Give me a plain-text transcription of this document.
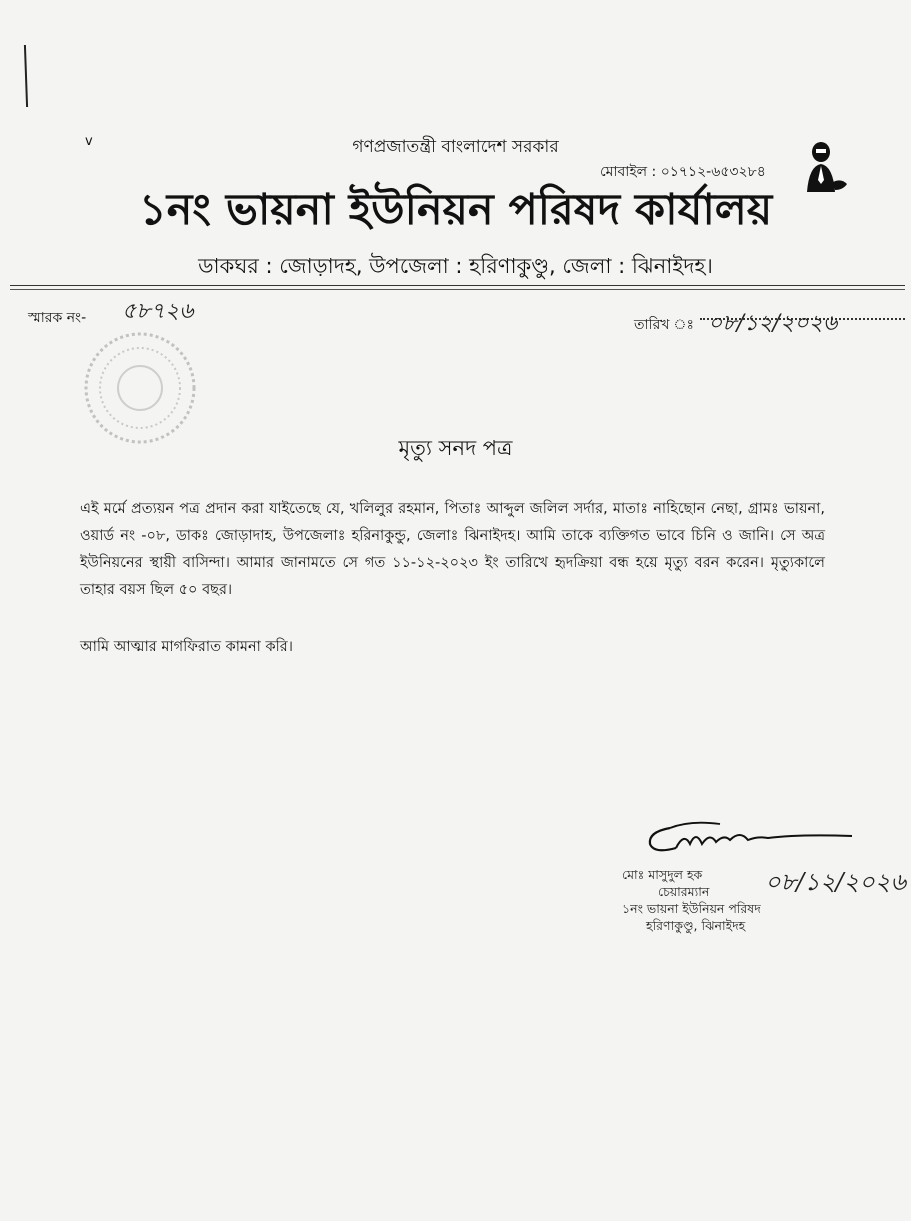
v	গণপ্রজাতন্ত্রী বাংলাদেশ সরকার
মোবাইল : ০১৭১২-৬৫৩২৮৪
১নং ভায়না ইউনিয়ন পরিষদ কার্যালয়
ডাকঘর : জোড়াদহ, উপজেলা : হরিণাকুণ্ডু, জেলা : ঝিনাইদহ।
স্মারক নং- ৫৮৭২৬
তারিখ ঃ ০৮/১২/২০২৬
মৃত্যু সনদ পত্র
এই মর্মে প্রত্যয়ন পত্র প্রদান করা যাইতেছে যে, খলিলুর রহমান, পিতাঃ আব্দুল জলিল সর্দার, মাতাঃ নাহিছোন নেছা, গ্রামঃ ভায়না, ওয়ার্ড নং -০৮, ডাকঃ জোড়াদাহ, উপজেলাঃ হরিনাকুন্ডু, জেলাঃ ঝিনাইদহ। আমি তাকে ব্যক্তিগত ভাবে চিনি ও জানি। সে অত্র ইউনিয়নের স্থায়ী বাসিন্দা। আমার জানামতে সে গত ১১-১২-২০২৩ ইং তারিখে হৃদক্রিয়া বন্ধ হয়ে মৃত্যু বরন করেন। মৃত্যুকালে তাহার বয়স ছিল ৫০ বছর।
আমি আত্মার মাগফিরাত কামনা করি।
মোঃ মাসুদুল হক
চেয়ারম্যান
১নং ভায়না ইউনিয়ন পরিষদ
হরিণাকুণ্ডু, ঝিনাইদহ
০৮/১২/২০২৬
